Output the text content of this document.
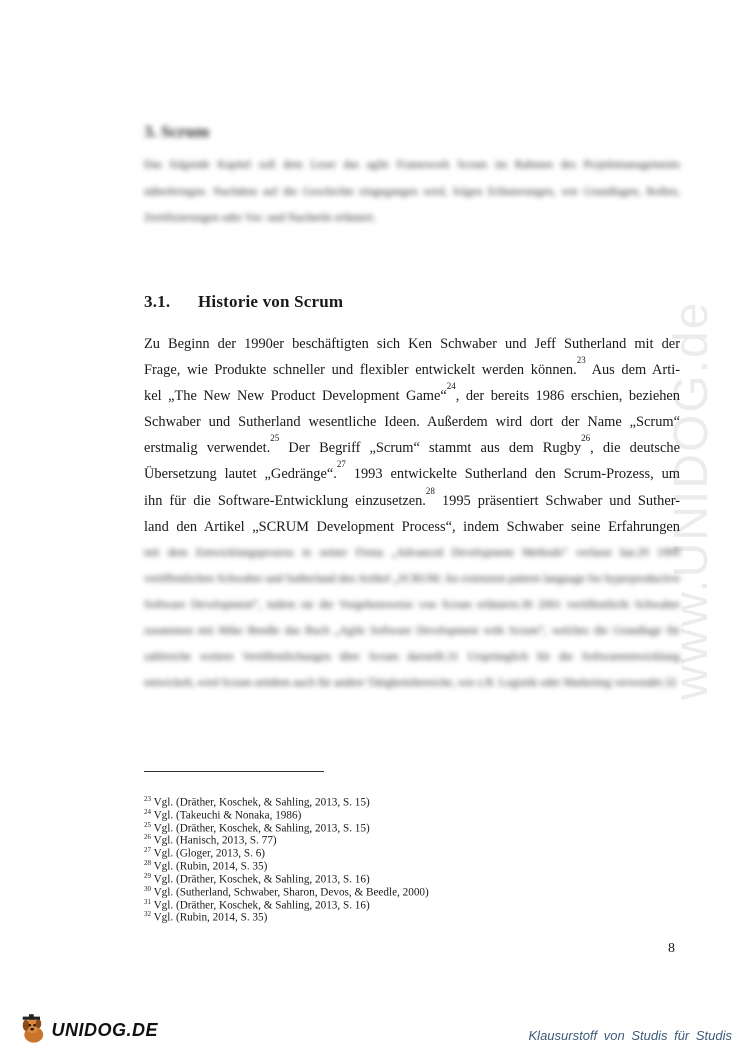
www.UNIDOG.de
3. Scrum
Das folgende Kapitel soll dem Leser das agile Framework Scrum im Rahmen des Projektmanagements näherbringen. Nachdem auf die Geschichte eingegangen wird, folgen Erläuterungen, wie Grundlagen, Rollen, Zertifizierungen oder Vor- und Nachteile erläutert.
3.1. Historie von Scrum
Zu Beginn der 1990er beschäftigten sich Ken Schwaber und Jeff Sutherland mit der
Frage, wie Produkte schneller und flexibler entwickelt werden können.$^{23}$ Aus dem Arti-
kel „The New New Product Development Game“$^{24}$, der bereits 1986 erschien, beziehen
Schwaber und Sutherland wesentliche Ideen. Außerdem wird dort der Name „Scrum“
erstmalig verwendet.$^{25}$ Der Begriff „Scrum“ stammt aus dem Rugby$^{26}$, die deutsche
Übersetzung lautet „Gedränge“.$^{27}$ 1993 entwickelte Sutherland den Scrum-Prozess, um
ihn für die Software-Entwicklung einzusetzen.$^{28}$ 1995 präsentiert Schwaber und Suther-
land den Artikel „SCRUM Development Process“, indem Schwaber seine Erfahrungen
mit dem Entwicklungsprozess in seiner Firma „Advanced Development Methods“ verfasst hat.29 1999 veröffentlichen Schwaber und Sutherland den Artikel „SCRUM: An extension pattern language for hyperproductive Software Development“, indem sie die Vorgehensweise von Scrum erläutern.30 2001 veröffentlicht Schwaber zusammen mit Mike Beedle das Buch „Agile Software Development with Scrum“, welches die Grundlage für zahlreiche weitere Veröffentlichungen über Scrum darstellt.31 Ursprünglich für die Softwareentwicklung entwickelt, wird Scrum seitdem auch für andere Tätigkeitsbereiche, wie z.B. Logistik oder Marketing verwendet.32
$^{23}$ Vgl. (Dräther, Koschek, & Sahling, 2013, S. 15)
$^{24}$ Vgl. (Takeuchi & Nonaka, 1986)
$^{25}$ Vgl. (Dräther, Koschek, & Sahling, 2013, S. 15)
$^{26}$ Vgl. (Hanisch, 2013, S. 77)
$^{27}$ Vgl. (Gloger, 2013, S. 6)
$^{28}$ Vgl. (Rubin, 2014, S. 35)
$^{29}$ Vgl. (Dräther, Koschek, & Sahling, 2013, S. 16)
$^{30}$ Vgl. (Sutherland, Schwaber, Sharon, Devos, & Beedle, 2000)
$^{31}$ Vgl. (Dräther, Koschek, & Sahling, 2013, S. 16)
$^{32}$ Vgl. (Rubin, 2014, S. 35)
8
UNIDOG.DE	Klausurstoff von Studis für Studis
